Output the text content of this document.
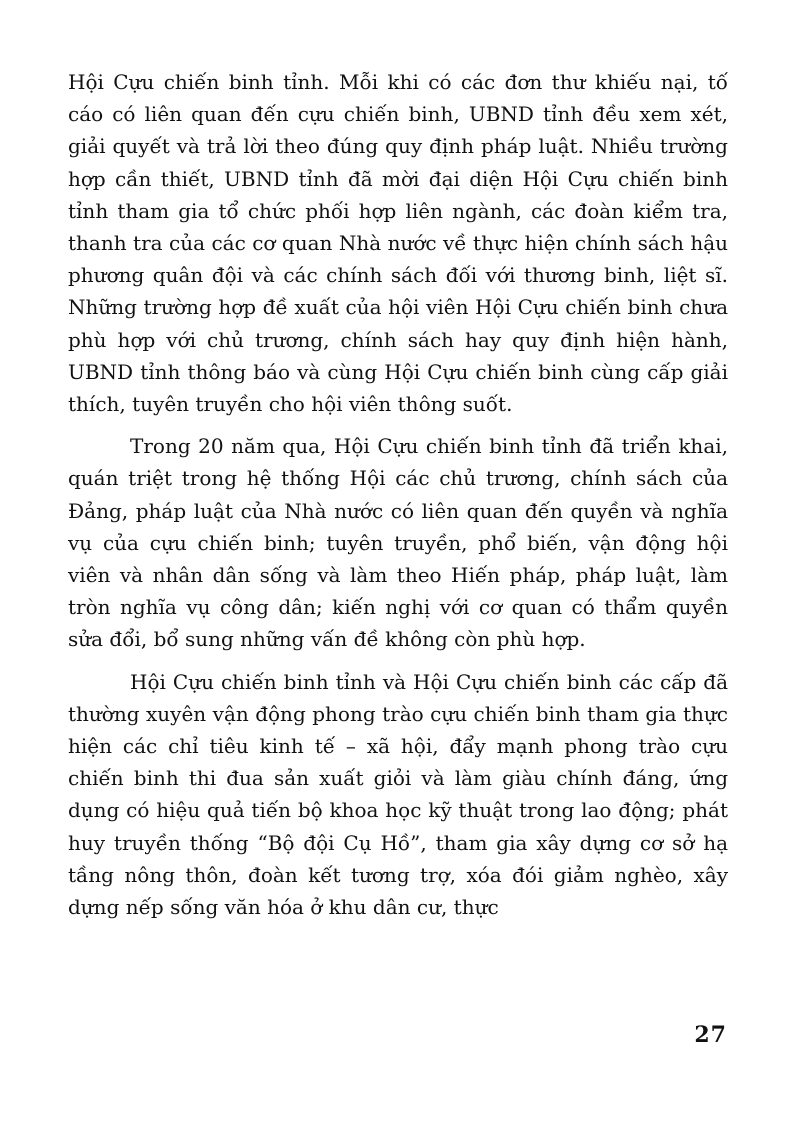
Hội Cựu chiến binh tỉnh. Mỗi khi có các đơn thư khiếu nại, tố cáo có liên quan đến cựu chiến binh, UBND tỉnh đều xem xét, giải quyết và trả lời theo đúng quy định pháp luật. Nhiều trường hợp cần thiết, UBND tỉnh đã mời đại diện Hội Cựu chiến binh tỉnh tham gia tổ chức phối hợp liên ngành, các đoàn kiểm tra, thanh tra của các cơ quan Nhà nước về thực hiện chính sách hậu phương quân đội và các chính sách đối với thương binh, liệt sĩ. Những trường hợp đề xuất của hội viên Hội Cựu chiến binh chưa phù hợp với chủ trương, chính sách hay quy định hiện hành, UBND tỉnh thông báo và cùng Hội Cựu chiến binh cùng cấp giải thích, tuyên truyền cho hội viên thông suốt.

Trong 20 năm qua, Hội Cựu chiến binh tỉnh đã triển khai, quán triệt trong hệ thống Hội các chủ trương, chính sách của Đảng, pháp luật của Nhà nước có liên quan đến quyền và nghĩa vụ của cựu chiến binh; tuyên truyền, phổ biến, vận động hội viên và nhân dân sống và làm theo Hiến pháp, pháp luật, làm tròn nghĩa vụ công dân; kiến nghị với cơ quan có thẩm quyền sửa đổi, bổ sung những vấn đề không còn phù hợp.

Hội Cựu chiến binh tỉnh và Hội Cựu chiến binh các cấp đã thường xuyên vận động phong trào cựu chiến binh tham gia thực hiện các chỉ tiêu kinh tế – xã hội, đẩy mạnh phong trào cựu chiến binh thi đua sản xuất giỏi và làm giàu chính đáng, ứng dụng có hiệu quả tiến bộ khoa học kỹ thuật trong lao động; phát huy truyền thống “Bộ đội Cụ Hồ”, tham gia xây dựng cơ sở hạ tầng nông thôn, đoàn kết tương trợ, xóa đói giảm nghèo, xây dựng nếp sống văn hóa ở khu dân cư, thực

27
